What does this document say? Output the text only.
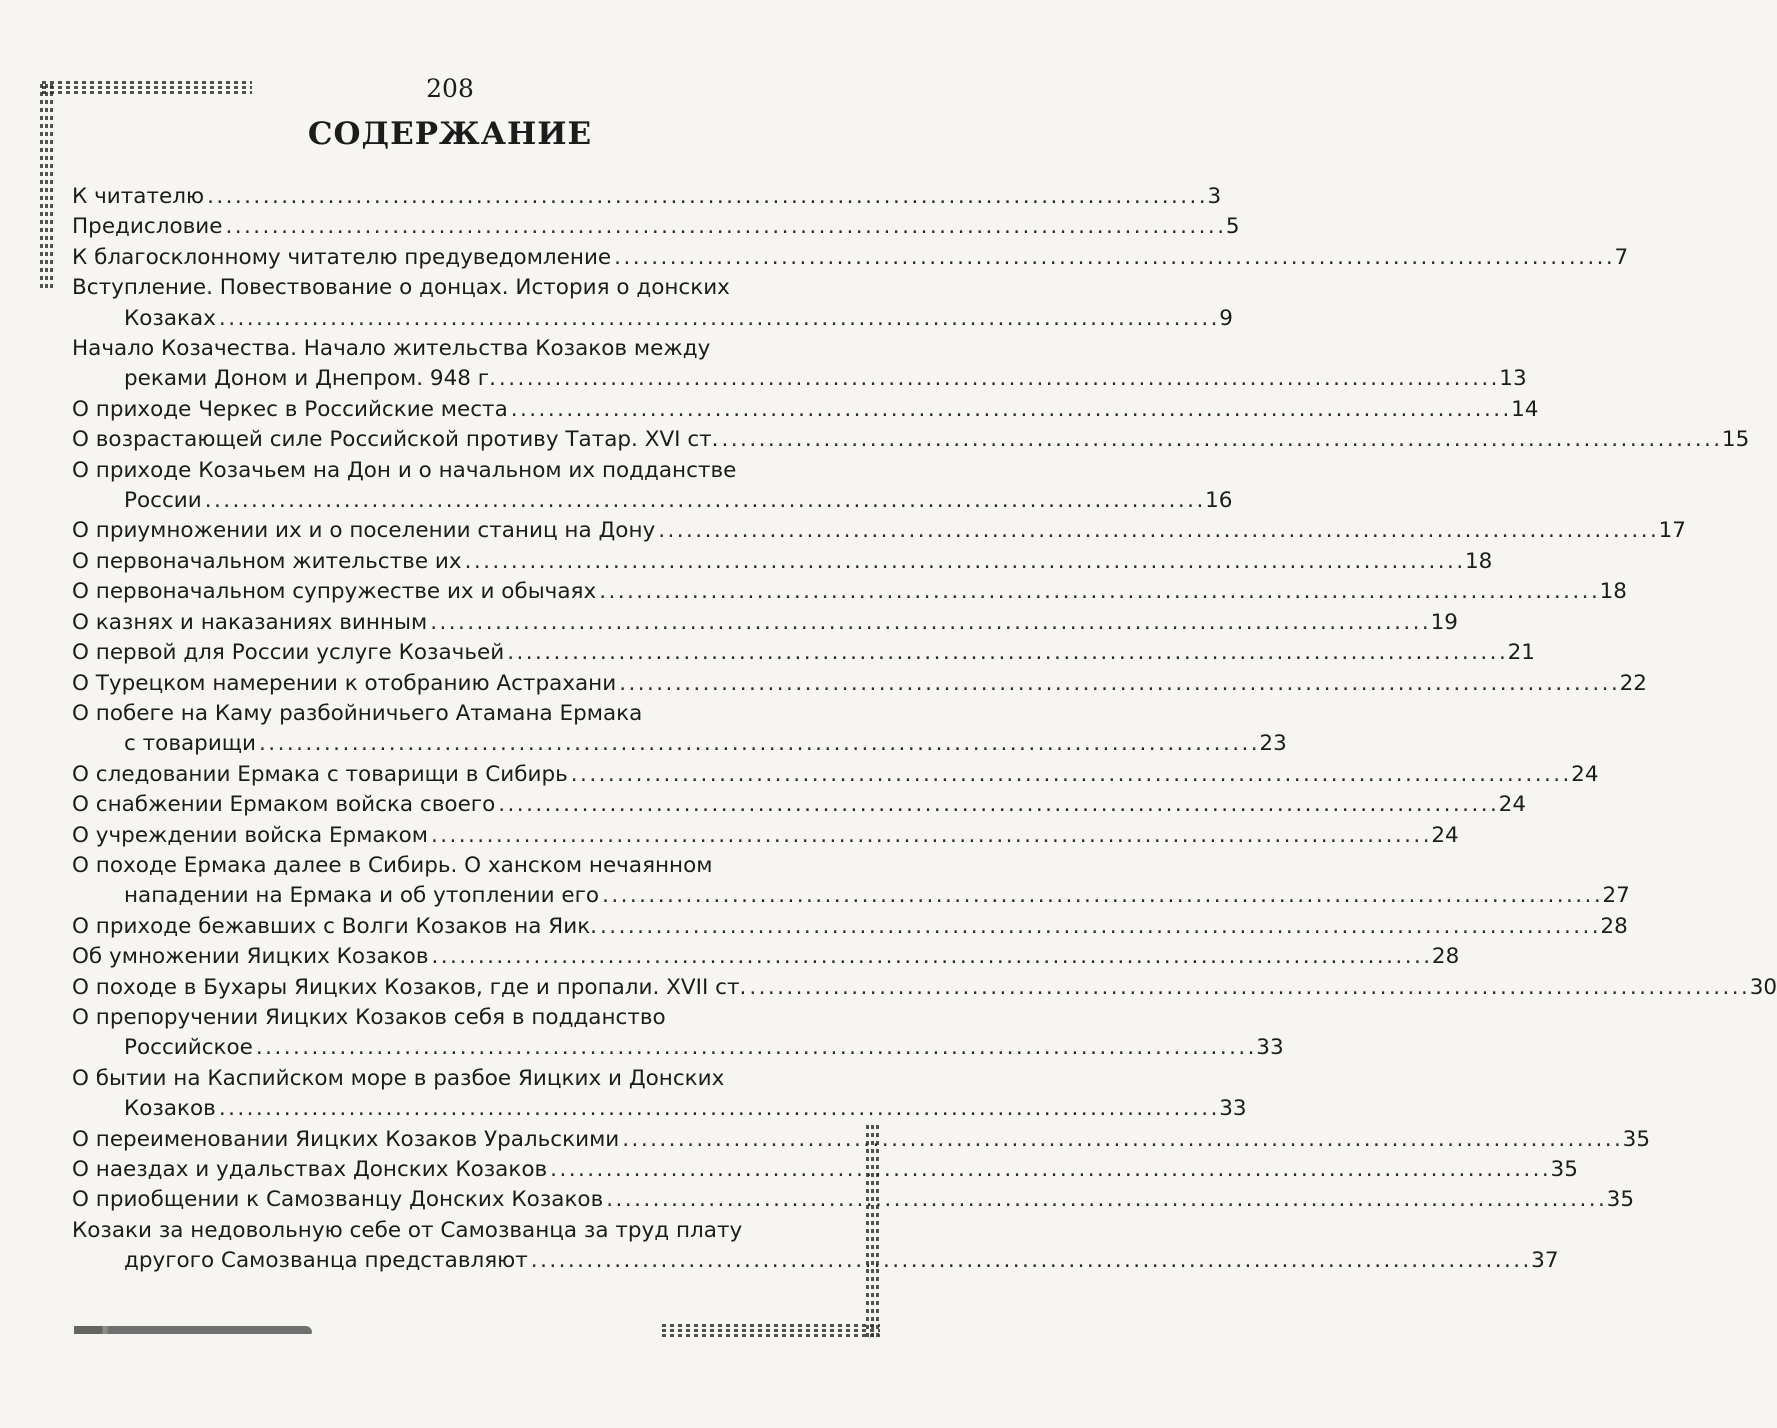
208
СОДЕРЖАНИЕ
К читателю . . .	3
Предисловие . . .	5
К благосклонному читателю предуведомление . . .	7
Вступление. Повествование о донцах. История о донских
Козаках . . .	9
Начало Козачества. Начало жительства Козаков между
реками Доном и Днепром. 948 г. . . .	13
О приходе Черкес в Российские места . . .	14
О возрастающей силе Российской противу Татар. XVI ст. . . .	15
О приходе Козачьем на Дон и о начальном их подданстве
России . . .	16
О приумножении их и о поселении станиц на Дону . . .	17
О первоначальном жительстве их . . .	18
О первоначальном супружестве их и обычаях . . .	18
О казнях и наказаниях винным . . .	19
О первой для России услуге Козачьей . . .	21
О Турецком намерении к отобранию Астрахани . . .	22
О побеге на Каму разбойничьего Атамана Ермака
с товарищи . . .	23
О следовании Ермака с товарищи в Сибирь . . .	24
О снабжении Ермаком войска своего . . .	24
О учреждении войска Ермаком . . .	24
О походе Ермака далее в Сибирь. О ханском нечаянном
нападении на Ермака и об утоплении его . . .	27
О приходе бежавших с Волги Козаков на Яик. . . .	28
Об умножении Яицких Козаков . . .	28
О походе в Бухары Яицких Козаков, где и пропали. XVII ст. . . .	30
О препоручении Яицких Козаков себя в подданство
Российское . . .	33
О бытии на Каспийском море в разбое Яицких и Донских
Козаков . . .	33
О переименовании Яицких Козаков Уральскими . . .	35
О наездах и удальствах Донских Козаков . . .	35
О приобщении к Самозванцу Донских Козаков . . .	35
Козаки за недовольную себе от Самозванца за труд плату
другого Самозванца представляют . . .	37
